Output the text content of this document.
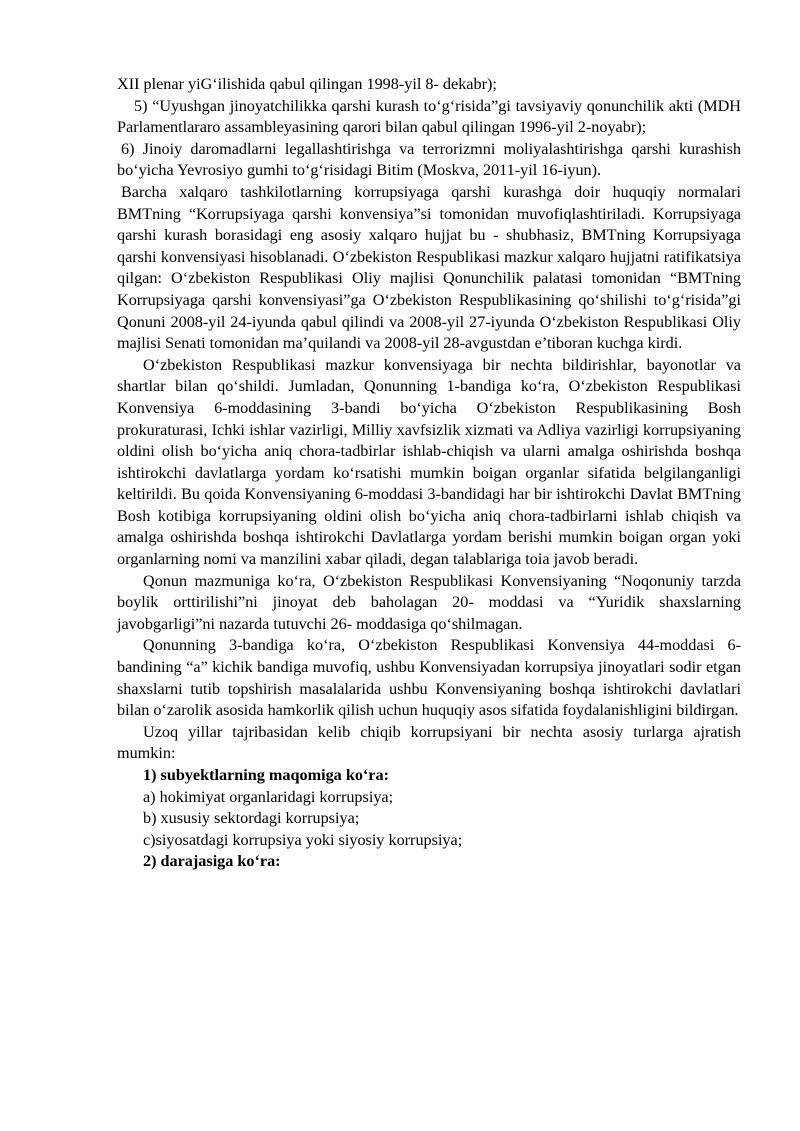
XII plenar yiG‘ilishida qabul qilingan 1998-yil 8- dekabr);

5) “Uyushgan jinoyatchilikka qarshi kurash to‘g‘risida”gi tavsiyaviy qonunchilik akti (MDH Parlamentlararo assambleyasining qarori bilan qabul qilingan 1996-yil 2-noyabr);

6) Jinoiy daromadlarni legallashtirishga va terrorizmni moliyalashtirishga qarshi kurashish bo‘yicha Yevrosiyo gumhi to‘g‘risidagi Bitim (Moskva, 2011-yil 16-iyun).

Barcha xalqaro tashkilotlarning korrupsiyaga qarshi kurashga doir huquqiy normalari BMTning “Korrupsiyaga qarshi konvensiya”si tomonidan muvofiqlashtiriladi. Korrupsiyaga qarshi kurash borasidagi eng asosiy xalqaro hujjat bu - shubhasiz, BMTning Korrupsiyaga qarshi konvensiyasi hisoblanadi. O‘zbekiston Respublikasi mazkur xalqaro hujjatni ratifikatsiya qilgan: O‘zbekiston Respublikasi Oliy majlisi Qonunchilik palatasi tomonidan “BMTning Korrupsiyaga qarshi konvensiyasi”ga O‘zbekiston Respublikasining qo‘shilishi to‘g‘risida”gi Qonuni 2008-yil 24-iyunda qabul qilindi va 2008-yil 27-iyunda O‘zbekiston Respublikasi Oliy majlisi Senati tomonidan ma’quilandi va 2008-yil 28-avgustdan e’tiboran kuchga kirdi.

O‘zbekiston Respublikasi mazkur konvensiyaga bir nechta bildirishlar, bayonotlar va shartlar bilan qo‘shildi. Jumladan, Qonunning 1-bandiga ko‘ra, O‘zbekiston Respublikasi Konvensiya 6-moddasining 3-bandi bo‘yicha O‘zbekiston Respublikasining Bosh prokuraturasi, Ichki ishlar vazirligi, Milliy xavfsizlik xizmati va Adliya vazirligi korrupsiyaning oldini olish bo‘yicha aniq chora-tadbirlar ishlab-chiqish va ularni amalga oshirishda boshqa ishtirokchi davlatlarga yordam ko‘rsatishi mumkin boigan organlar sifatida belgilanganligi keltirildi. Bu qoida Konvensiyaning 6-moddasi 3-bandidagi har bir ishtirokchi Davlat BMTning Bosh kotibiga korrupsiyaning oldini olish bo‘yicha aniq chora-tadbirlarni ishlab chiqish va amalga oshirishda boshqa ishtirokchi Davlatlarga yordam berishi mumkin boigan organ yoki organlarning nomi va manzilini xabar qiladi, degan talablariga toia javob beradi.

Qonun mazmuniga ko‘ra, O‘zbekiston Respublikasi Konvensiyaning “Noqonuniy tarzda boylik orttirilishi”ni jinoyat deb baholagan 20- moddasi va “Yuridik shaxslarning javobgarligi”ni nazarda tutuvchi 26- moddasiga qo‘shilmagan.

Qonunning 3-bandiga ko‘ra, O‘zbekiston Respublikasi Konvensiya 44-moddasi 6-bandining “a” kichik bandiga muvofiq, ushbu Konvensiyadan korrupsiya jinoyatlari sodir etgan shaxslarni tutib topshirish masalalarida ushbu Konvensiyaning boshqa ishtirokchi davlatlari bilan o‘zarolik asosida hamkorlik qilish uchun huquqiy asos sifatida foydalanishligini bildirgan.

Uzoq yillar tajribasidan kelib chiqib korrupsiyani bir nechta asosiy turlarga ajratish mumkin:

1) subyektlarning maqomiga ko‘ra:

a) hokimiyat organlaridagi korrupsiya;

b) xususiy sektordagi korrupsiya;

c)siyosatdagi korrupsiya yoki siyosiy korrupsiya;

2) darajasiga ko‘ra:
